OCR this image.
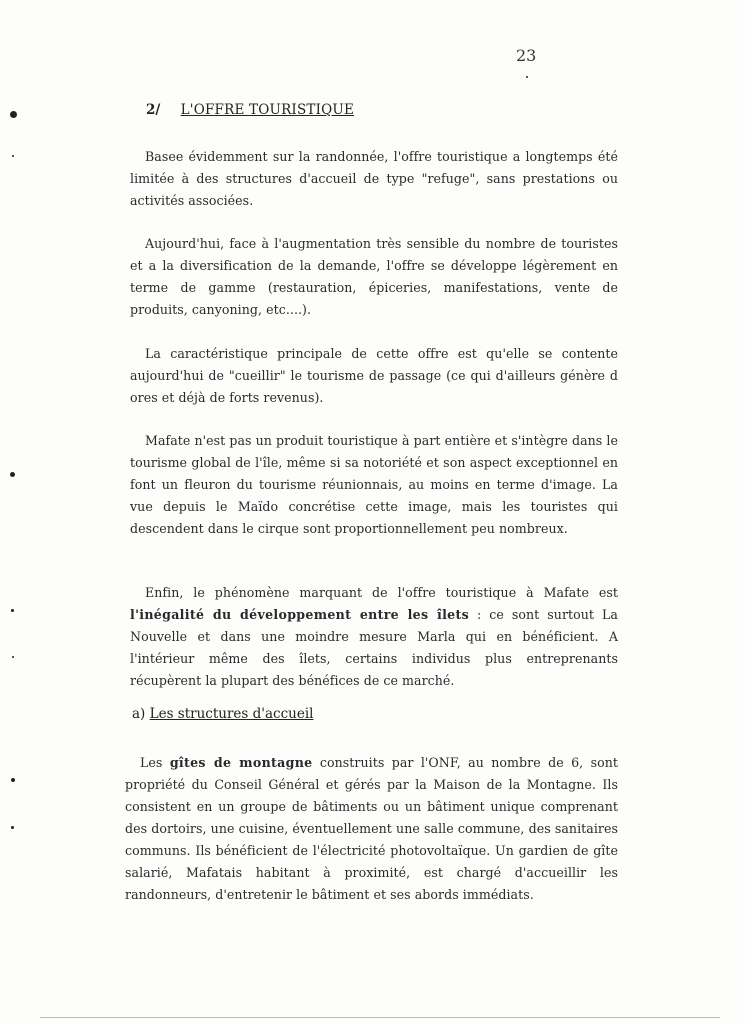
23
2/ L'OFFRE TOURISTIQUE

Basee évidemment sur la randonnée, l'offre touristique a longtemps été limitée à des structures d'accueil de type "refuge", sans prestations ou activités associées.

Aujourd'hui, face à l'augmentation très sensible du nombre de touristes et a la diversification de la demande, l'offre se développe légèrement en terme de gamme (restauration, épiceries, manifestations, vente de produits, canyoning, etc....).

La caractéristique principale de cette offre est qu'elle se contente aujourd'hui de "cueillir" le tourisme de passage (ce qui d'ailleurs génère d ores et déjà de forts revenus).

Mafate n'est pas un produit touristique à part entière et s'intègre dans le tourisme global de l'île, même si sa notoriété et son aspect exceptionnel en font un fleuron du tourisme réunionnais, au moins en terme d'image. La vue depuis le Maïdo concrétise cette image, mais les touristes qui descendent dans le cirque sont proportionnellement peu nombreux.

Enfin, le phénomène marquant de l'offre touristique à Mafate est l'inégalité du développement entre les îlets : ce sont surtout La Nouvelle et dans une moindre mesure Marla qui en bénéficient. A l'intérieur même des îlets, certains individus plus entreprenants récupèrent la plupart des bénéfices de ce marché.

a) Les structures d'accueil

Les gîtes de montagne construits par l'ONF, au nombre de 6, sont propriété du Conseil Général et gérés par la Maison de la Montagne. Ils consistent en un groupe de bâtiments ou un bâtiment unique comprenant des dortoirs, une cuisine, éventuellement une salle commune, des sanitaires communs. Ils bénéficient de l'électricité photovoltaïque. Un gardien de gîte salarié, Mafatais habitant à proximité, est chargé d'accueillir les randonneurs, d'entretenir le bâtiment et ses abords immédiats.
